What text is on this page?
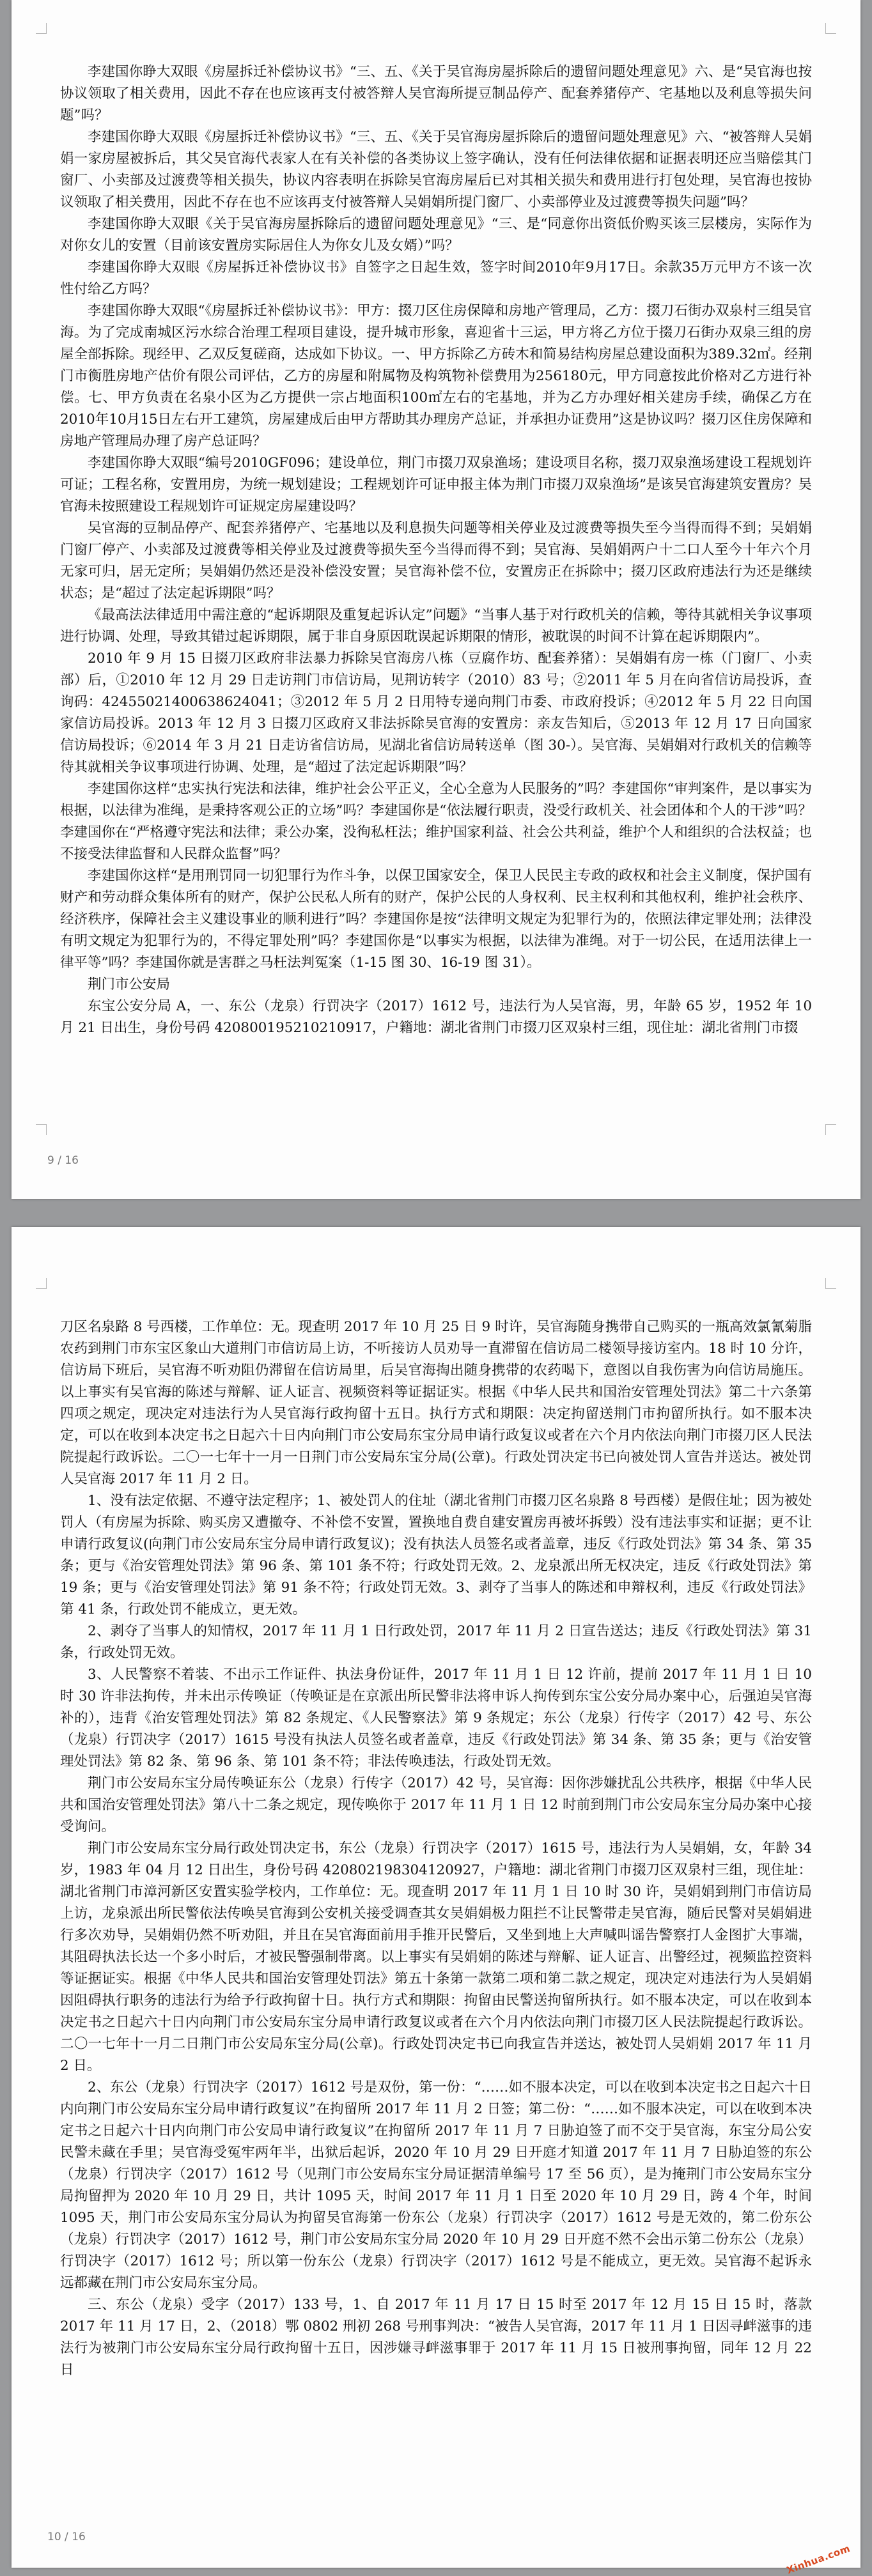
李建国你睁大双眼《房屋拆迁补偿协议书》“三、五、《关于吴官海房屋拆除后的遗留问题处理意见》六、是“吴官海也按协议领取了相关费用，因此不存在也应该再支付被答辩人吴官海所提豆制品停产、配套养猪停产、宅基地以及利息等损失问题”吗？

李建国你睁大双眼《房屋拆迁补偿协议书》“三、五、《关于吴官海房屋拆除后的遗留问题处理意见》六、“被答辩人吴娟娟一家房屋被拆后，其父吴官海代表家人在有关补偿的各类协议上签字确认，没有任何法律依据和证据表明还应当赔偿其门窗厂、小卖部及过渡费等相关损失，协议内容表明在拆除吴官海房屋后已对其相关损失和费用进行打包处理，吴官海也按协议领取了相关费用，因此不存在也不应该再支付被答辩人吴娟娟所提门窗厂、小卖部停业及过渡费等损失问题”吗？

李建国你睁大双眼《关于吴官海房屋拆除后的遗留问题处理意见》“三、是“同意你出资低价购买该三层楼房，实际作为对你女儿的安置（目前该安置房实际居住人为你女儿及女婿）”吗？

李建国你睁大双眼《房屋拆迁补偿协议书》自签字之日起生效，签字时间2010年9月17日。余款35万元甲方不该一次性付给乙方吗？

李建国你睁大双眼“《房屋拆迁补偿协议书》：甲方：掇刀区住房保障和房地产管理局，乙方：掇刀石街办双泉村三组吴官海。为了完成南城区污水综合治理工程项目建设，提升城市形象，喜迎省十三运，甲方将乙方位于掇刀石街办双泉三组的房屋全部拆除。现经甲、乙双反复磋商，达成如下协议。一、甲方拆除乙方砖木和简易结构房屋总建设面积为389.32㎡。经荆门市衡胜房地产估价有限公司评估，乙方的房屋和附属物及构筑物补偿费用为256180元，甲方同意按此价格对乙方进行补偿。七、甲方负责在名泉小区为乙方提供一宗占地面积100㎡左右的宅基地，并为乙方办理好相关建房手续，确保乙方在2010年10月15日左右开工建筑，房屋建成后由甲方帮助其办理房产总证，并承担办证费用”这是协议吗？掇刀区住房保障和房地产管理局办理了房产总证吗？

李建国你睁大双眼“编号2010GF096；建设单位，荆门市掇刀双泉渔场；建设项目名称，掇刀双泉渔场建设工程规划许可证；工程名称，安置用房，为统一规划建设；工程规划许可证申报主体为荆门市掇刀双泉渔场”是该吴官海建筑安置房？吴官海未按照建设工程规划许可证规定房屋建设吗？

吴官海的豆制品停产、配套养猪停产、宅基地以及利息损失问题等相关停业及过渡费等损失至今当得而得不到；吴娟娟门窗厂停产、小卖部及过渡费等相关停业及过渡费等损失至今当得而得不到；吴官海、吴娟娟两户十二口人至今十年六个月无家可归，居无定所；吴娟娟仍然还是没补偿没安置；吴官海补偿不位，安置房正在拆除中；掇刀区政府违法行为还是继续状态；是“超过了法定起诉期限”吗？

《最高法法律适用中需注意的“起诉期限及重复起诉认定”问题》“当事人基于对行政机关的信赖，等待其就相关争议事项进行协调、处理，导致其错过起诉期限，属于非自身原因耽误起诉期限的情形，被耽误的时间不计算在起诉期限内”。

2010 年 9 月 15 日掇刀区政府非法暴力拆除吴官海房八栋（豆腐作坊、配套养猪）：吴娟娟有房一栋（门窗厂、小卖部）后，①2010 年 12 月 29 日走访荆门市信访局，见荆访转字（2010）83 号；②2011 年 5 月在向省信访局投诉，查询码：42455021400638624041；③2012 年 5 月 2 日用特专递向荆门市委、市政府投诉；④2012 年 5 月 22 日向国家信访局投诉。2013 年 12 月 3 日掇刀区政府又非法拆除吴官海的安置房：亲友告知后，⑤2013 年 12 月 17 日向国家信访局投诉；⑥2014 年 3 月 21 日走访省信访局，见湖北省信访局转送单（图 30-）。吴官海、吴娟娟对行政机关的信赖等待其就相关争议事项进行协调、处理，是“超过了法定起诉期限”吗？

李建国你这样“忠实执行宪法和法律，维护社会公平正义，全心全意为人民服务的”吗？李建国你“审判案件，是以事实为根据，以法律为准绳，是秉持客观公正的立场”吗？李建国你是“依法履行职责，没受行政机关、社会团体和个人的干涉”吗？李建国你在“严格遵守宪法和法律；秉公办案，没徇私枉法；维护国家利益、社会公共利益，维护个人和组织的合法权益；也不接受法律监督和人民群众监督”吗？

李建国你这样“是用刑罚同一切犯罪行为作斗争，以保卫国家安全，保卫人民民主专政的政权和社会主义制度，保护国有财产和劳动群众集体所有的财产，保护公民私人所有的财产，保护公民的人身权利、民主权利和其他权利，维护社会秩序、经济秩序，保障社会主义建设事业的顺利进行”吗？李建国你是按“法律明文规定为犯罪行为的，依照法律定罪处刑；法律没有明文规定为犯罪行为的，不得定罪处刑”吗？李建国你是“以事实为根据，以法律为准绳。对于一切公民，在适用法律上一律平等”吗？李建国你就是害群之马枉法判冤案（1-15 图 30、16-19 图 31）。

荆门市公安局

东宝公安分局 A，一、东公（龙泉）行罚决字（2017）1612 号，违法行为人吴官海，男，年龄 65 岁，1952 年 10 月 21 日出生，身份号码 420800195210210917，户籍地：湖北省荆门市掇刀区双泉村三组，现住址：湖北省荆门市掇

9 / 16

刀区名泉路 8 号西楼，工作单位：无。现查明 2017 年 10 月 25 日 9 时许，吴官海随身携带自己购买的一瓶高效氯氰菊脂农药到荆门市东宝区象山大道荆门市信访局上访，不听接访人员劝导一直滞留在信访局二楼领导接访室内。18 时 10 分许，信访局下班后，吴官海不听劝阻仍滞留在信访局里，后吴官海掏出随身携带的农药喝下，意图以自我伤害为向信访局施压。以上事实有吴官海的陈述与辩解、证人证言、视频资料等证据证实。根据《中华人民共和国治安管理处罚法》第二十六条第四项之规定，现决定对违法行为人吴官海行政拘留十五日。执行方式和期限：决定拘留送荆门市拘留所执行。如不服本决定，可以在收到本决定书之日起六十日内向荆门市公安局东宝分局申请行政复议或者在六个月内依法向荆门市掇刀区人民法院提起行政诉讼。二〇一七年十一月一日荆门市公安局东宝分局(公章)。行政处罚决定书已向被处罚人宣告并送达。被处罚人吴官海 2017 年 11 月 2 日。

1、没有法定依据、不遵守法定程序；1、被处罚人的住址（湖北省荆门市掇刀区名泉路 8 号西楼）是假住址；因为被处罚人（有房屋为拆除、购买房又遭撤夺、不补偿不安置，置换地自费自建安置房再被坏拆毁）没有违法事实和证据；更不让申请行政复议(向荆门市公安局东宝分局申请行政复议)；没有执法人员签名或者盖章，违反《行政处罚法》第 34 条、第 35 条；更与《治安管理处罚法》第 96 条、第 101 条不符；行政处罚无效。2、龙泉派出所无权决定，违反《行政处罚法》第 19 条；更与《治安管理处罚法》第 91 条不符；行政处罚无效。3、剥夺了当事人的陈述和申辩权利，违反《行政处罚法》第 41 条，行政处罚不能成立，更无效。

2、剥夺了当事人的知情权，2017 年 11 月 1 日行政处罚，2017 年 11 月 2 日宣告送达；违反《行政处罚法》第 31 条，行政处罚无效。

3、人民警察不着装、不出示工作证件、执法身份证件，2017 年 11 月 1 日 12 许前，提前 2017 年 11 月 1 日 10 时 30 许非法拘传，并未出示传唤证（传唤证是在京派出所民警非法将申诉人拘传到东宝公安分局办案中心，后强迫吴官海补的），违背《治安管理处罚法》第 82 条规定、《人民警察法》第 9 条规定；东公（龙泉）行传字（2017）42 号、东公（龙泉）行罚决字（2017）1615 号没有执法人员签名或者盖章，违反《行政处罚法》第 34 条、第 35 条；更与《治安管理处罚法》第 82 条、第 96 条、第 101 条不符；非法传唤违法，行政处罚无效。

荆门市公安局东宝分局传唤证东公（龙泉）行传字（2017）42 号，吴官海：因你涉嫌扰乱公共秩序，根据《中华人民共和国治安管理处罚法》第八十二条之规定，现传唤你于 2017 年 11 月 1 日 12 时前到荆门市公安局东宝分局办案中心接受询问。

荆门市公安局东宝分局行政处罚决定书，东公（龙泉）行罚决字（2017）1615 号，违法行为人吴娟娟，女，年龄 34 岁，1983 年 04 月 12 日出生，身份号码 420802198304120927，户籍地：湖北省荆门市掇刀区双泉村三组，现住址：湖北省荆门市漳河新区安置实验学校内，工作单位：无。现查明 2017 年 11 月 1 日 10 时 30 许，吴娟娟到荆门市信访局上访，龙泉派出所民警依法传唤吴官海到公安机关接受调查其女吴娟娟极力阻拦不让民警带走吴官海，随后民警对吴娟娟进行多次劝导，吴娟娟仍然不听劝阻，并且在吴官海面前用手推开民警后，又坐到地上大声喊叫谣告警察打人金图扩大事端，其阻碍执法长达一个多小时后，才被民警强制带离。以上事实有吴娟娟的陈述与辩解、证人证言、出警经过，视频监控资料等证据证实。根据《中华人民共和国治安管理处罚法》第五十条第一款第二项和第二款之规定，现决定对违法行为人吴娟娟因阻碍执行职务的违法行为给予行政拘留十日。执行方式和期限：拘留由民警送拘留所执行。如不服本决定，可以在收到本决定书之日起六十日内向荆门市公安局东宝分局申请行政复议或者在六个月内依法向荆门市掇刀区人民法院提起行政诉讼。二〇一七年十一月二日荆门市公安局东宝分局(公章)。行政处罚决定书已向我宣告并送达，被处罚人吴娟娟 2017 年 11 月 2 日。

2、东公（龙泉）行罚决字（2017）1612 号是双份，第一份：“……如不服本决定，可以在收到本决定书之日起六十日内向荆门市公安局东宝分局申请行政复议”在拘留所 2017 年 11 月 2 日签；第二份：“……如不服本决定，可以在收到本决定书之日起六十日内向荆门市公安局申请行政复议”在拘留所 2017 年 11 月 7 日胁迫签了而不交于吴官海，东宝分局公安民警未藏在手里；吴官海受冤牢两年半，出狱后起诉，2020 年 10 月 29 日开庭才知道 2017 年 11 月 7 日胁迫签的东公（龙泉）行罚决字（2017）1612 号（见荆门市公安局东宝分局证据清单编号 17 至 56 页），是为掩荆门市公安局东宝分局拘留押为 2020 年 10 月 29 日，共计 1095 天，时间 2017 年 11 月 1 日至 2020 年 10 月 29 日，跨 4 个年，时间 1095 天，荆门市公安局东宝分局认为拘留吴官海第一份东公（龙泉）行罚决字（2017）1612 号是无效的，第二份东公（龙泉）行罚决字（2017）1612 号，荆门市公安局东宝分局 2020 年 10 月 29 日开庭不然不会出示第二份东公（龙泉）行罚决字（2017）1612 号；所以第一份东公（龙泉）行罚决字（2017）1612 号是不能成立，更无效。吴官海不起诉永远都藏在荆门市公安局东宝分局。

三、东公（龙泉）受字（2017）133 号，1、自 2017 年 11 月 17 日 15 时至 2017 年 12 月 15 日 15 时，落款 2017 年 11 月 17 日，2、（2018）鄂 0802 刑初 268 号刑事判决：“被告人吴官海，2017 年 11 月 1 日因寻衅滋事的违法行为被荆门市公安局东宝分局行政拘留十五日，因涉嫌寻衅滋事罪于 2017 年 11 月 15 日被刑事拘留，同年 12 月 22 日

10 / 16
Xinhua.com
